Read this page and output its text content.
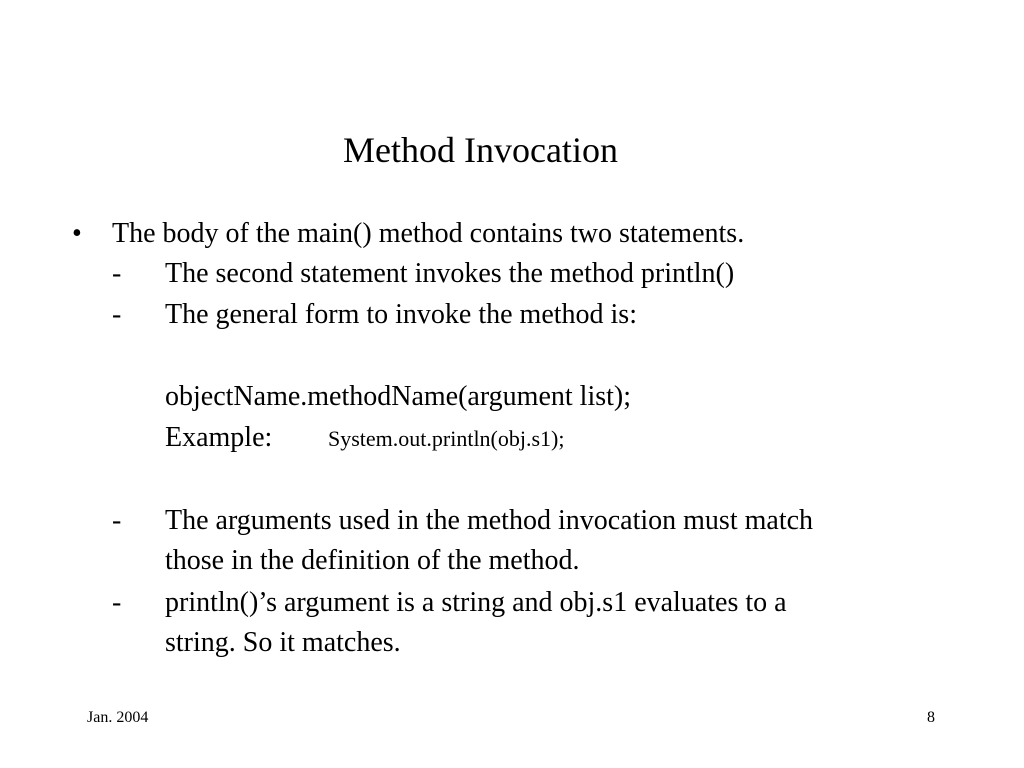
Method Invocation
• The body of the main() method contains two statements.
- The second statement invokes the method println()
- The general form to invoke the method is:
objectName.methodName(argument list);
Example:	System.out.println(obj.s1);
- The arguments used in the method invocation must match
those in the definition of the method.
- println()’s argument is a string and obj.s1 evaluates to a
string. So it matches.
Jan. 2004	8
